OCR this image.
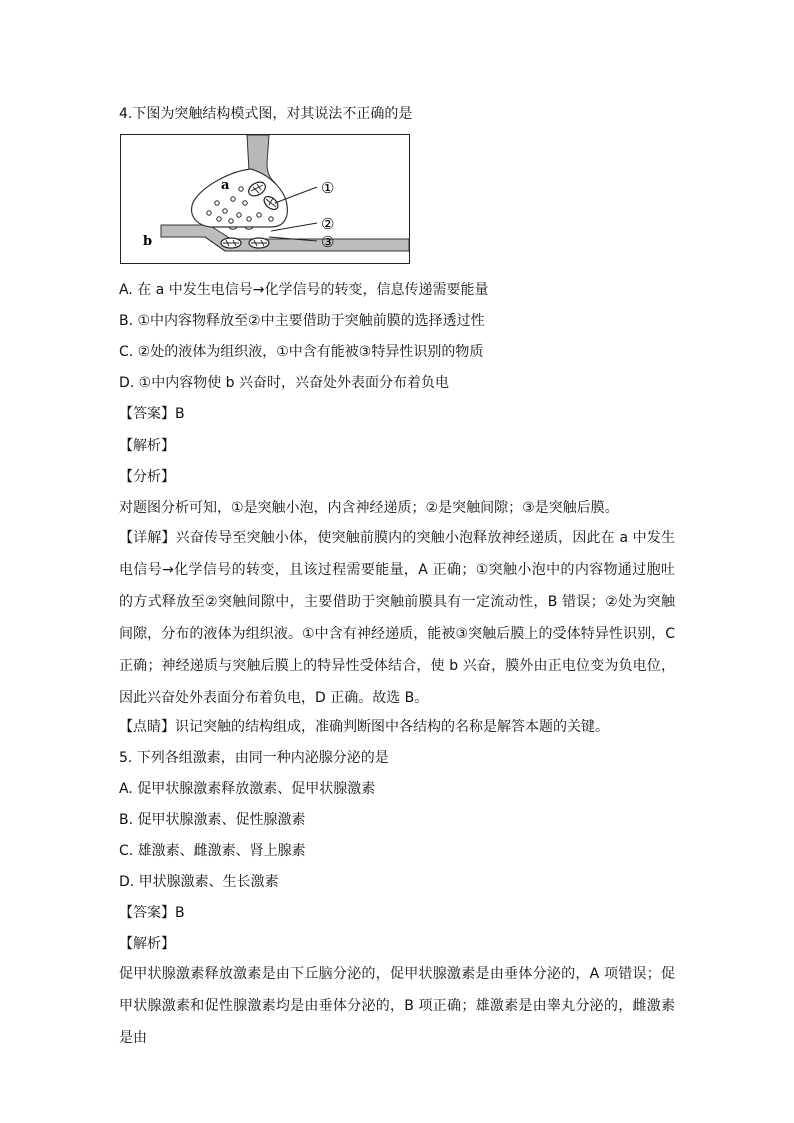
4.下图为突触结构模式图，对其说法不正确的是
a
b
①
②
③
A. 在 a 中发生电信号→化学信号的转变，信息传递需要能量
B. ①中内容物释放至②中主要借助于突触前膜的选择透过性
C. ②处的液体为组织液，①中含有能被③特异性识别的物质
D. ①中内容物使 b 兴奋时，兴奋处外表面分布着负电
【答案】B
【解析】
【分析】
对题图分析可知，①是突触小泡，内含神经递质；②是突触间隙；③是突触后膜。
【详解】兴奋传导至突触小体，使突触前膜内的突触小泡释放神经递质，因此在 a 中发生电信号→化学信号的转变，且该过程需要能量，A 正确；①突触小泡中的内容物通过胞吐的方式释放至②突触间隙中，主要借助于突触前膜具有一定流动性，B 错误；②处为突触间隙，分布的液体为组织液。①中含有神经递质，能被③突触后膜上的受体特异性识别，C 正确；神经递质与突触后膜上的特异性受体结合，使 b 兴奋，膜外由正电位变为负电位，因此兴奋处外表面分布着负电，D 正确。故选 B。
【点睛】识记突触的结构组成，准确判断图中各结构的名称是解答本题的关键。
5. 下列各组激素，由同一种内泌腺分泌的是
A. 促甲状腺激素释放激素、促甲状腺激素
B. 促甲状腺激素、促性腺激素
C. 雄激素、雌激素、肾上腺素
D. 甲状腺激素、生长激素
【答案】B
【解析】
促甲状腺激素释放激素是由下丘脑分泌的，促甲状腺激素是由垂体分泌的，A 项错误；促甲状腺激素和促性腺激素均是由垂体分泌的，B 项正确；雄激素是由睾丸分泌的，雌激素是由
